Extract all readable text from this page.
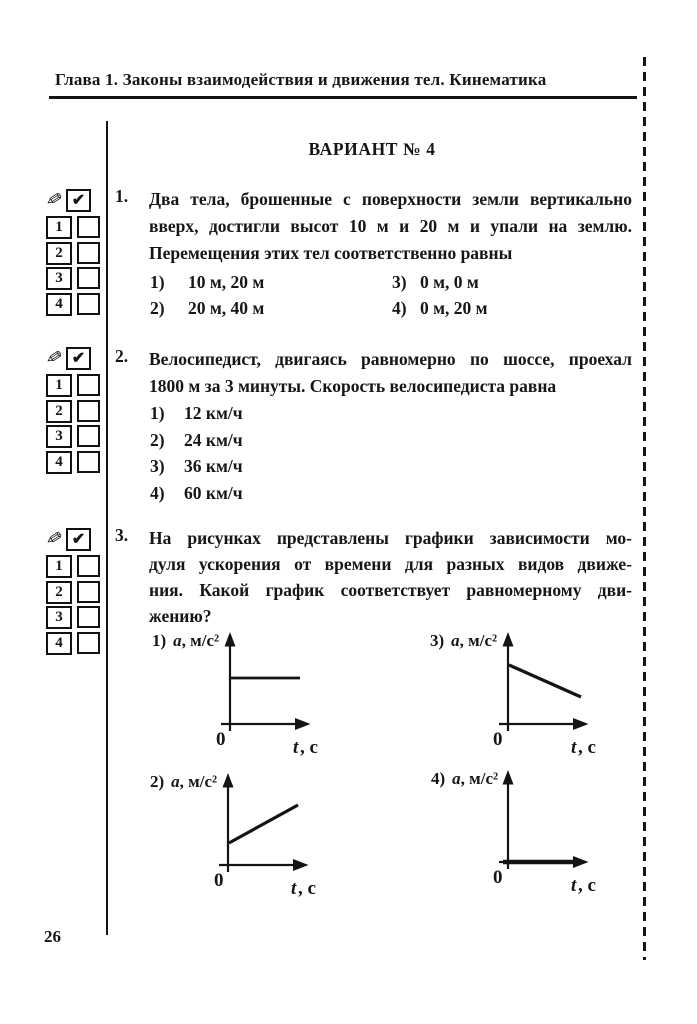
Глава 1. Законы взаимодействия и движения тел. Кинематика
ВАРИАНТ № 4
✎ ✔
1
2
3
4
1. Два тела, брошенные с поверхности земли вертикально
вверх, достигли высот 10 м и 20 м и упали на землю.
Перемещения этих тел соответственно равны
1)	10 м, 20 м	3) 0 м, 0 м
2)	20 м, 40 м	4) 0 м, 20 м
✎ ✔
1
2
3
4
2. Велосипедист, двигаясь равномерно по шоссе, проехал
1800 м за 3 минуты. Скорость велосипедиста равна
1)	12 км/ч
2)	24 км/ч
3)	36 км/ч
4)	60 км/ч
✎ ✔
1
2
3
4
3. На рисунках представлены графики зависимости мо-
дуля ускорения от времени для разных видов движе-
ния. Какой график соответствует равномерному дви-
жению?
1) a, м/с²
0	t , с
3) a, м/с²
0	t , с
2) a, м/с²
0	t , с
4) a, м/с²
0	t , с
26
